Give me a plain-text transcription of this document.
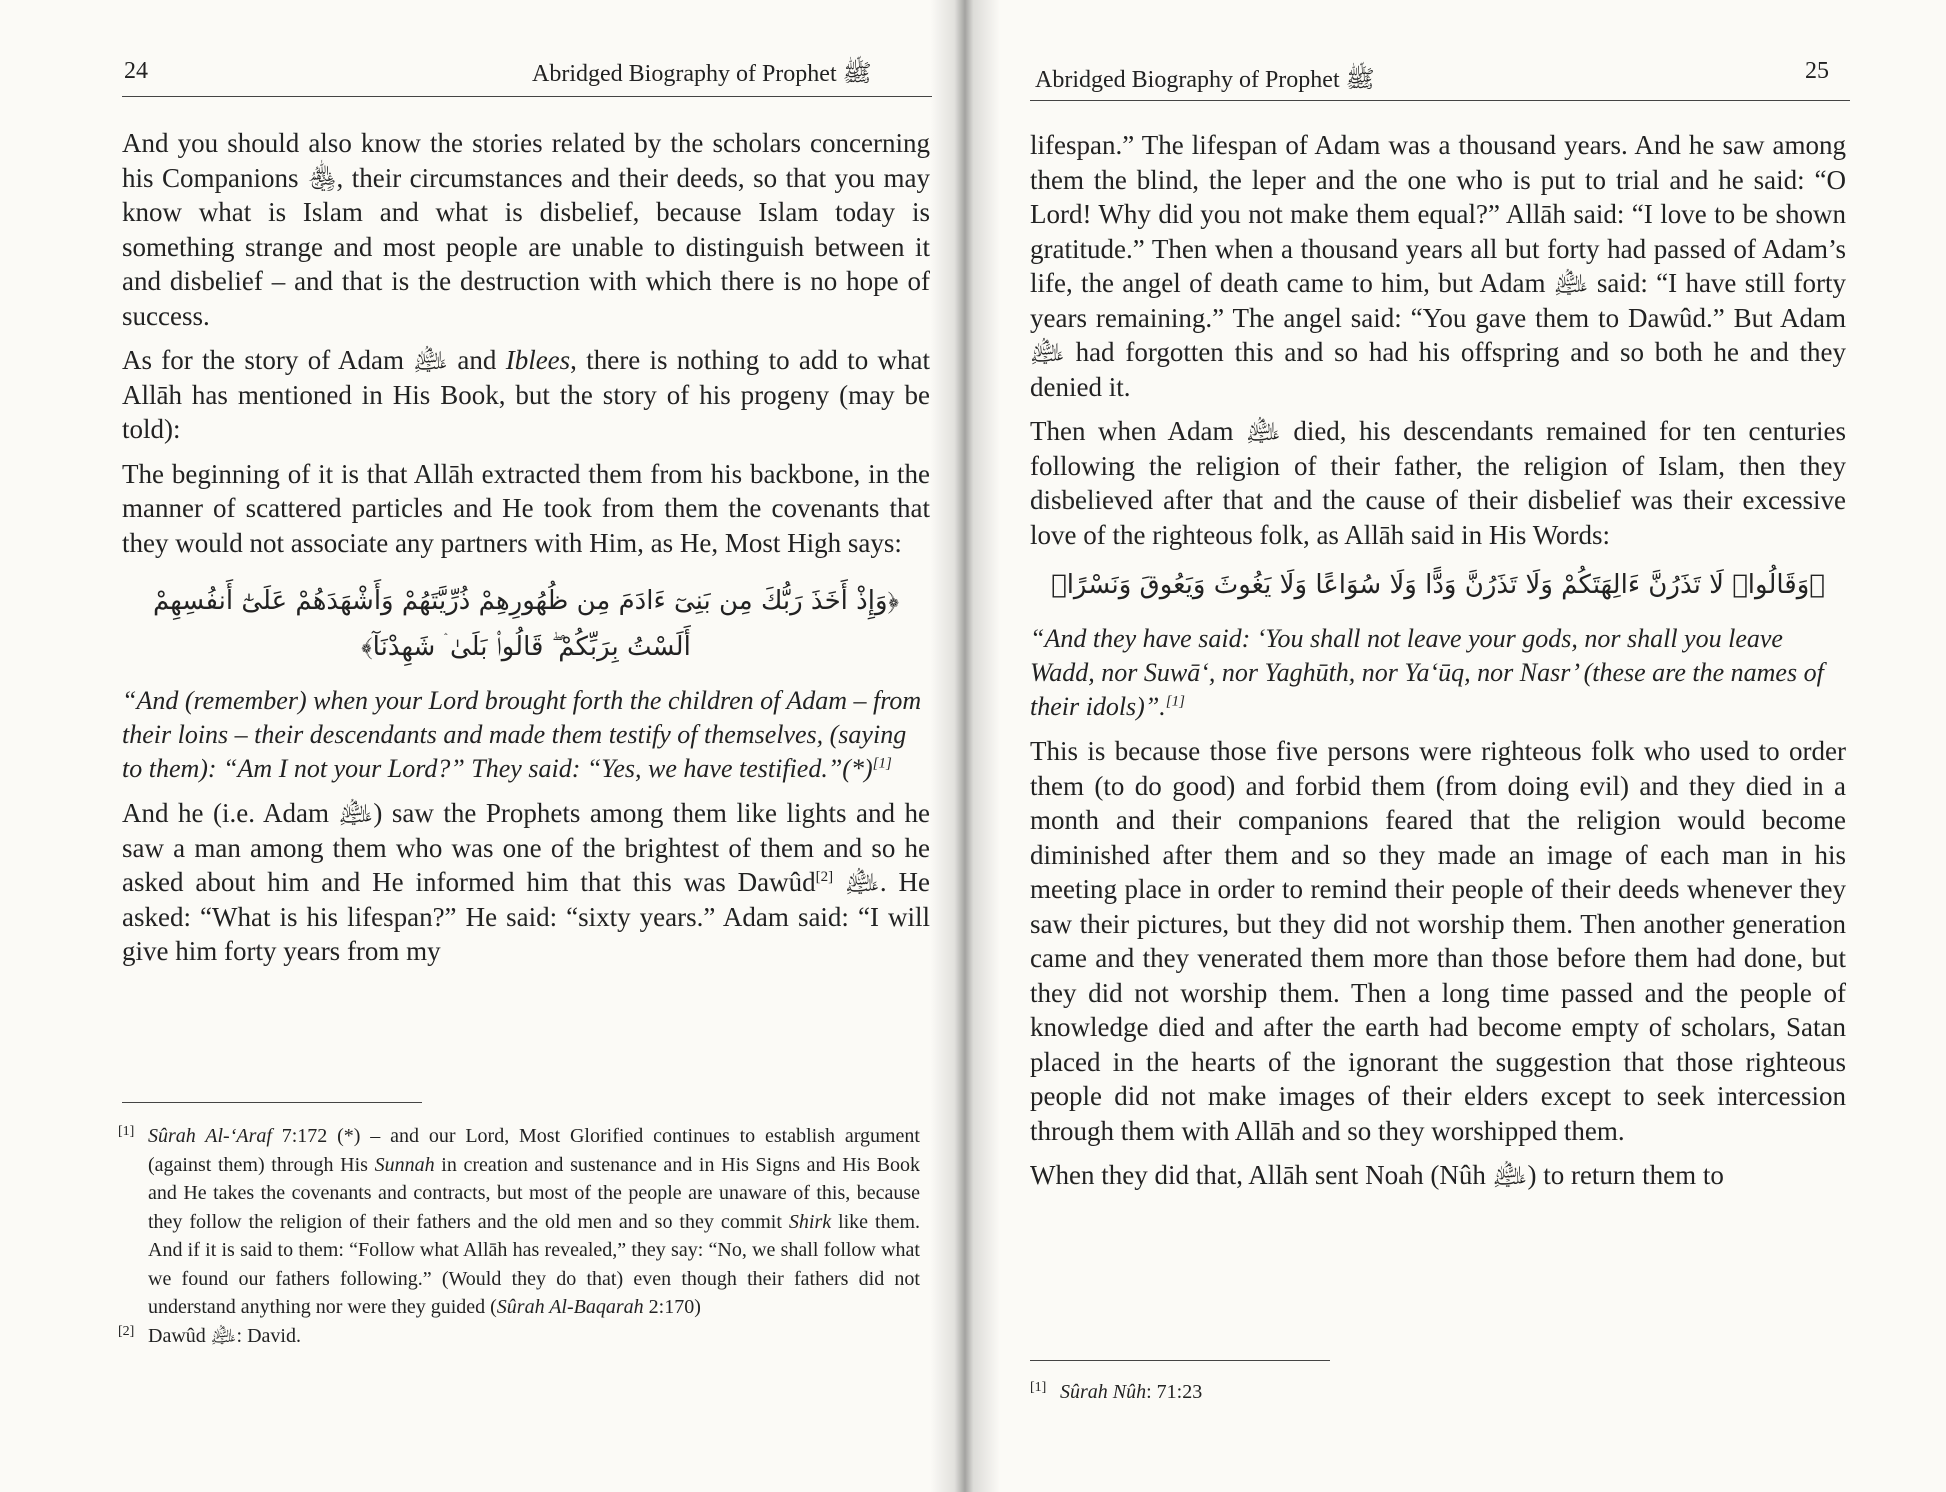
24	Abridged Biography of Prophet ﷺ

And you should also know the stories related by the scholars concerning his Companions ﵃, their circumstances and their deeds, so that you may know what is Islam and what is disbelief, because Islam today is something strange and most people are unable to distinguish between it and disbelief – and that is the destruction with which there is no hope of success.

As for the story of Adam ﵇ and Iblees, there is nothing to add to what Allāh has mentioned in His Book, but the story of his progeny (may be told):

The beginning of it is that Allāh extracted them from his backbone, in the manner of scattered particles and He took from them the covenants that they would not associate any partners with Him, as He, Most High says:

﴿وَإِذْ أَخَذَ رَبُّكَ مِن بَنِىٓ ءَادَمَ مِن ظُهُورِهِمْ ذُرِّيَّتَهُمْ وَأَشْهَدَهُمْ عَلَىٰٓ أَنفُسِهِمْ أَلَسْتُ بِرَبِّكُمْ ۖ قَالُوا۟ بَلَىٰ ۛ شَهِدْنَآ﴾

“And (remember) when your Lord brought forth the children of Adam – from their loins – their descendants and made them testify of themselves, (saying to them): “Am I not your Lord?” They said: “Yes, we have testified.”(*)[1]

And he (i.e. Adam ﵇) saw the Prophets among them like lights and he saw a man among them who was one of the brightest of them and so he asked about him and He informed him that this was Dawûd[2] ﵇. He asked: “What is his lifespan?” He said: “sixty years.” Adam said: “I will give him forty years from my

[1] Sûrah Al-‘Araf 7:172 (*) – and our Lord, Most Glorified continues to establish argument (against them) through His Sunnah in creation and sustenance and in His Signs and His Book and He takes the covenants and contracts, but most of the people are unaware of this, because they follow the religion of their fathers and the old men and so they commit Shirk like them. And if it is said to them: “Follow what Allāh has revealed,” they say: “No, we shall follow what we found our fathers following.” (Would they do that) even though their fathers did not understand anything nor were they guided (Sûrah Al-Baqarah 2:170)

[2] Dawûd ﵇: David.

Abridged Biography of Prophet ﷺ	25

lifespan.” The lifespan of Adam was a thousand years. And he saw among them the blind, the leper and the one who is put to trial and he said: “O Lord! Why did you not make them equal?” Allāh said: “I love to be shown gratitude.” Then when a thousand years all but forty had passed of Adam’s life, the angel of death came to him, but Adam ﵇ said: “I have still forty years remaining.” The angel said: “You gave them to Dawûd.” But Adam ﵇ had forgotten this and so had his offspring and so both he and they denied it.

Then when Adam ﵇ died, his descendants remained for ten centuries following the religion of their father, the religion of Islam, then they disbelieved after that and the cause of their disbelief was their excessive love of the righteous folk, as Allāh said in His Words:

﴿وَقَالُوا۟ لَا تَذَرُنَّ ءَالِهَتَكُمْ وَلَا تَذَرُنَّ وَدًّا وَلَا سُوَاعًا وَلَا يَغُوثَ وَيَعُوقَ وَنَسْرًا﴾

“And they have said: ‘You shall not leave your gods, nor shall you leave Wadd, nor Suwā‘, nor Yaghūth, nor Ya‘ūq, nor Nasr’ (these are the names of their idols)”.[1]

This is because those five persons were righteous folk who used to order them (to do good) and forbid them (from doing evil) and they died in a month and their companions feared that the religion would become diminished after them and so they made an image of each man in his meeting place in order to remind their people of their deeds whenever they saw their pictures, but they did not worship them. Then another generation came and they venerated them more than those before them had done, but they did not worship them. Then a long time passed and the people of knowledge died and after the earth had become empty of scholars, Satan placed in the hearts of the ignorant the suggestion that those righteous people did not make images of their elders except to seek intercession through them with Allāh and so they worshipped them.

When they did that, Allāh sent Noah (Nûh ﵇) to return them to

[1] Sûrah Nûh: 71:23
